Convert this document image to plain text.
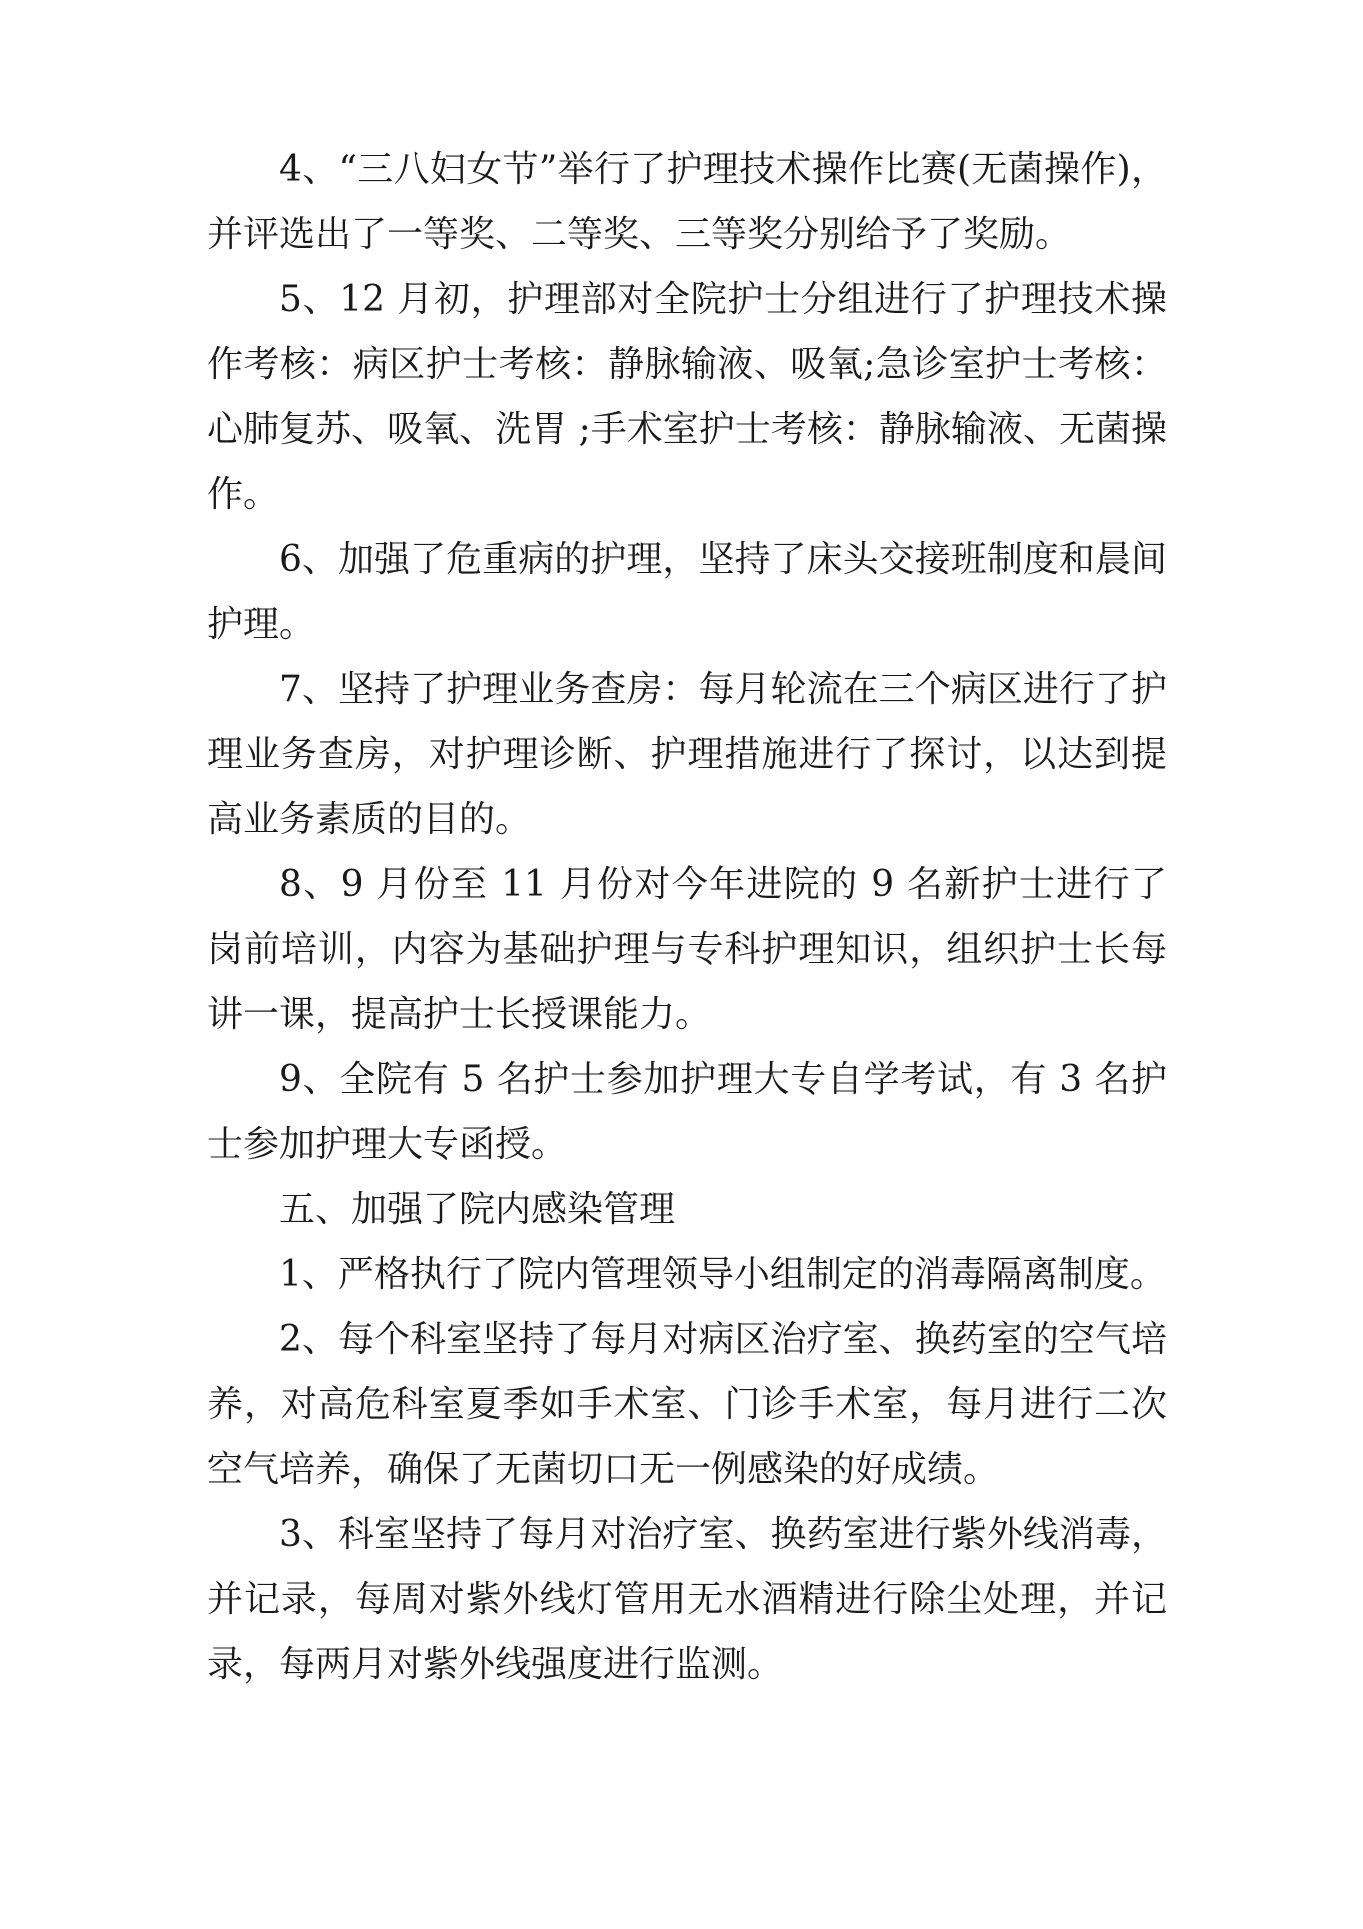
4、“三八妇女节”举行了护理技术操作比赛(无菌操作)，并评选出了一等奖、二等奖、三等奖分别给予了奖励。

5、12 月初，护理部对全院护士分组进行了护理技术操作考核：病区护士考核：静脉输液、吸氧;急诊室护士考核：心肺复苏、吸氧、洗胃 ;手术室护士考核：静脉输液、无菌操作。

6、加强了危重病的护理，坚持了床头交接班制度和晨间护理。

7、坚持了护理业务查房：每月轮流在三个病区进行了护理业务查房，对护理诊断、护理措施进行了探讨，以达到提高业务素质的目的。

8、9 月份至 11 月份对今年进院的 9 名新护士进行了岗前培训，内容为基础护理与专科护理知识，组织护士长每讲一课，提高护士长授课能力。

9、全院有 5 名护士参加护理大专自学考试，有 3 名护士参加护理大专函授。

五、加强了院内感染管理

1、严格执行了院内管理领导小组制定的消毒隔离制度。

2、每个科室坚持了每月对病区治疗室、换药室的空气培养，对高危科室夏季如手术室、门诊手术室，每月进行二次空气培养，确保了无菌切口无一例感染的好成绩。

3、科室坚持了每月对治疗室、换药室进行紫外线消毒，并记录，每周对紫外线灯管用无水酒精进行除尘处理，并记录，每两月对紫外线强度进行监测。
